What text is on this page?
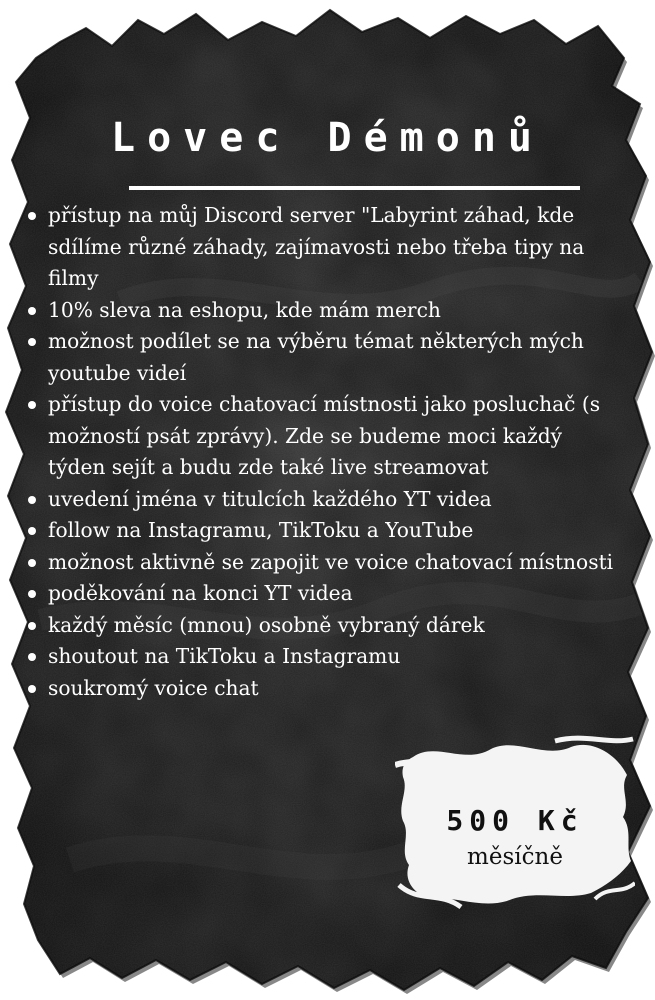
Lovec Démonů
přístup na můj Discord server "Labyrint záhad, kde sdílíme různé záhady, zajímavosti nebo třeba tipy na filmy
10% sleva na eshopu, kde mám merch
možnost podílet se na výběru témat některých mých youtube videí
přístup do voice chatovací místnosti jako posluchač (s možností psát zprávy). Zde se budeme moci každý týden sejít a budu zde také live streamovat
uvedení jména v titulcích každého YT videa
follow na Instagramu, TikToku a YouTube
možnost aktivně se zapojit ve voice chatovací místnosti
poděkování na konci YT videa
každý měsíc (mnou) osobně vybraný dárek
shoutout na TikToku a Instagramu
soukromý voice chat
500 Kč
měsíčně
